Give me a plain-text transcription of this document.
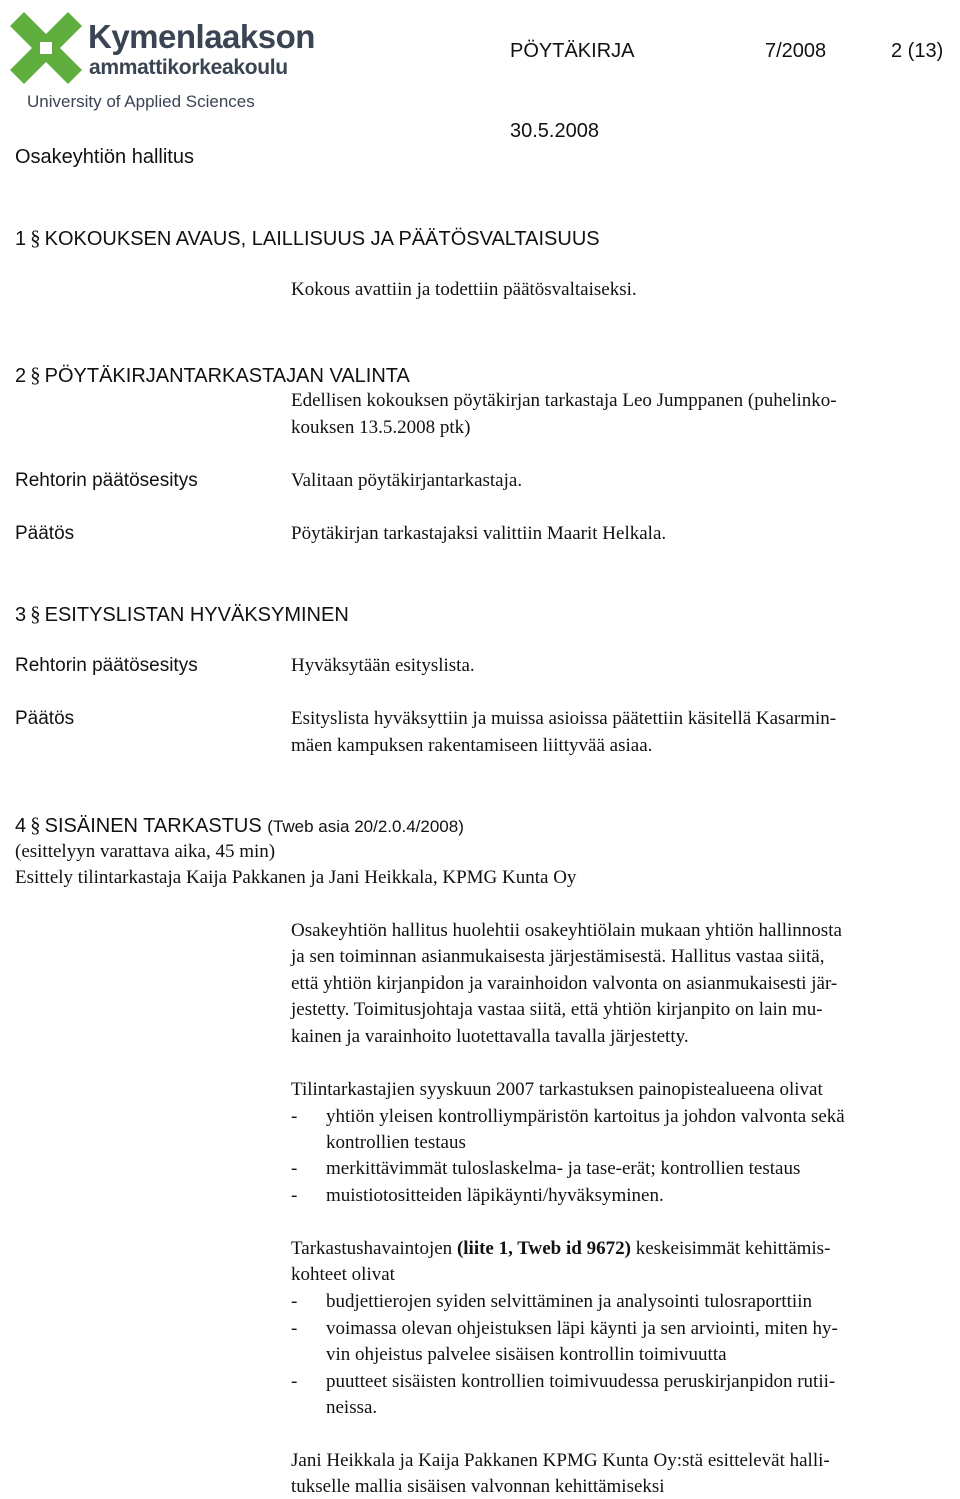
Kymenlaakson
ammattikorkeakoulu
University of Applied Sciences
PÖYTÄKIRJA	7/2008	2 (13)
Osakeyhtiön hallitus
30.5.2008
1 § KOKOUKSEN AVAUS, LAILLISUUS JA PÄÄTÖSVALTAISUUS
Kokous avattiin ja todettiin päätösvaltaiseksi.
2 § PÖYTÄKIRJANTARKASTAJAN VALINTA
Edellisen kokouksen pöytäkirjan tarkastaja Leo Jumppanen (puhelinko-
kouksen 13.5.2008 ptk)
Rehtorin päätösesitys	Valitaan pöytäkirjantarkastaja.
Päätös	Pöytäkirjan tarkastajaksi valittiin Maarit Helkala.
3 § ESITYSLISTAN HYVÄKSYMINEN
Rehtorin päätösesitys	Hyväksytään esityslista.
Päätös	Esityslista hyväksyttiin ja muissa asioissa päätettiin käsitellä Kasarmin-
mäen kampuksen rakentamiseen liittyvää asiaa.
4 § SISÄINEN TARKASTUS (Tweb asia 20/2.0.4/2008)
(esittelyyn varattava aika, 45 min)
Esittely tilintarkastaja Kaija Pakkanen ja Jani Heikkala, KPMG Kunta Oy
Osakeyhtiön hallitus huolehtii osakeyhtiölain mukaan yhtiön hallinnosta
ja sen toiminnan asianmukaisesta järjestämisestä. Hallitus vastaa siitä,
että yhtiön kirjanpidon ja varainhoidon valvonta on asianmukaisesti jär-
jestetty. Toimitusjohtaja vastaa siitä, että yhtiön kirjanpito on lain mu-
kainen ja varainhoito luotettavalla tavalla järjestetty.
Tilintarkastajien syyskuun 2007 tarkastuksen painopistealueena olivat
- yhtiön yleisen kontrolliympäristön kartoitus ja johdon valvonta sekä
kontrollien testaus
- merkittävimmät tuloslaskelma- ja tase-erät; kontrollien testaus
- muistiotositteiden läpikäynti/hyväksyminen.
Tarkastushavaintojen (liite 1, Tweb id 9672) keskeisimmät kehittämis-
kohteet olivat
- budjettierojen syiden selvittäminen ja analysointi tulosraporttiin
- voimassa olevan ohjeistuksen läpi käynti ja sen arviointi, miten hy-
vin ohjeistus palvelee sisäisen kontrollin toimivuutta
- puutteet sisäisten kontrollien toimivuudessa peruskirjanpidon rutii-
neissa.
Jani Heikkala ja Kaija Pakkanen KPMG Kunta Oy:stä esittelevät halli-
tukselle mallia sisäisen valvonnan kehittämiseksi
